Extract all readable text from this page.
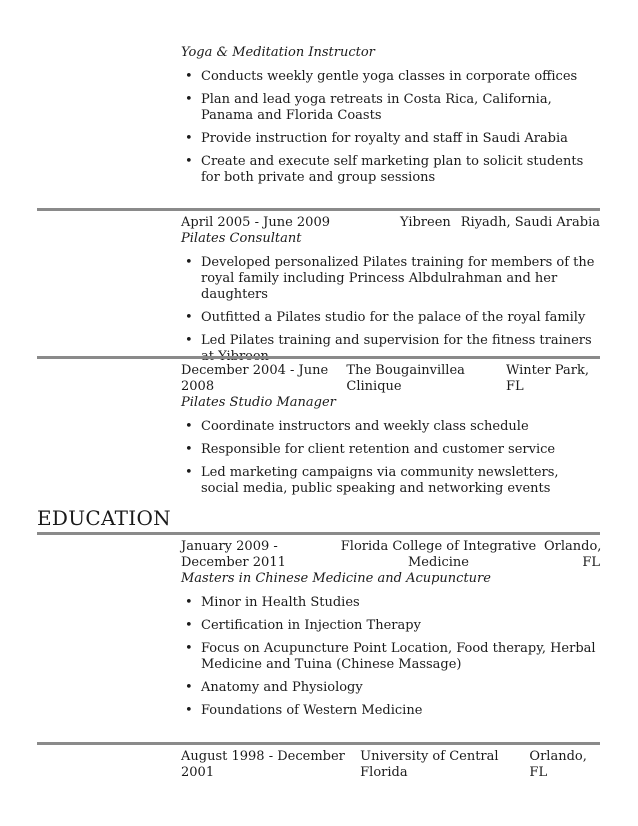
Yoga & Meditation Instructor
• Conducts weekly gentle yoga classes in corporate offices
• Plan and lead yoga retreats in Costa Rica, California, Panama and Florida Coasts
• Provide instruction for royalty and staff in Saudi Arabia
• Create and execute self marketing plan to solicit students for both private and group sessions
April 2005 - June 2009	Yibreen Riyadh, Saudi Arabia
Pilates Consultant
• Developed personalized Pilates training for members of the royal family including Princess Albdulrahman and her daughters
• Outfitted a Pilates studio for the palace of the royal family
• Led Pilates training and supervision for the fitness trainers
December 2004 - June 2008
The Bougainvillea Clinique
Winter Park, FL
Pilates Studio Manager
• Coordinate instructors and weekly class schedule
• Responsible for client retention and customer service
• Led marketing campaigns via community newsletters, social media, public speaking and networking events
EDUCATION
January 2009 - December 2011
Florida College of Integrative Medicine
Orlando, FL
Masters in Chinese Medicine and Acupuncture
• Minor in Health Studies
• Certification in Injection Therapy
• Focus on Acupuncture Point Location, Food therapy, Herbal Medicine and Tuina (Chinese Massage)
• Anatomy and Physiology
• Foundations of Western Medicine
August 1998 - December 2001
University of Central Florida
Orlando, FL
